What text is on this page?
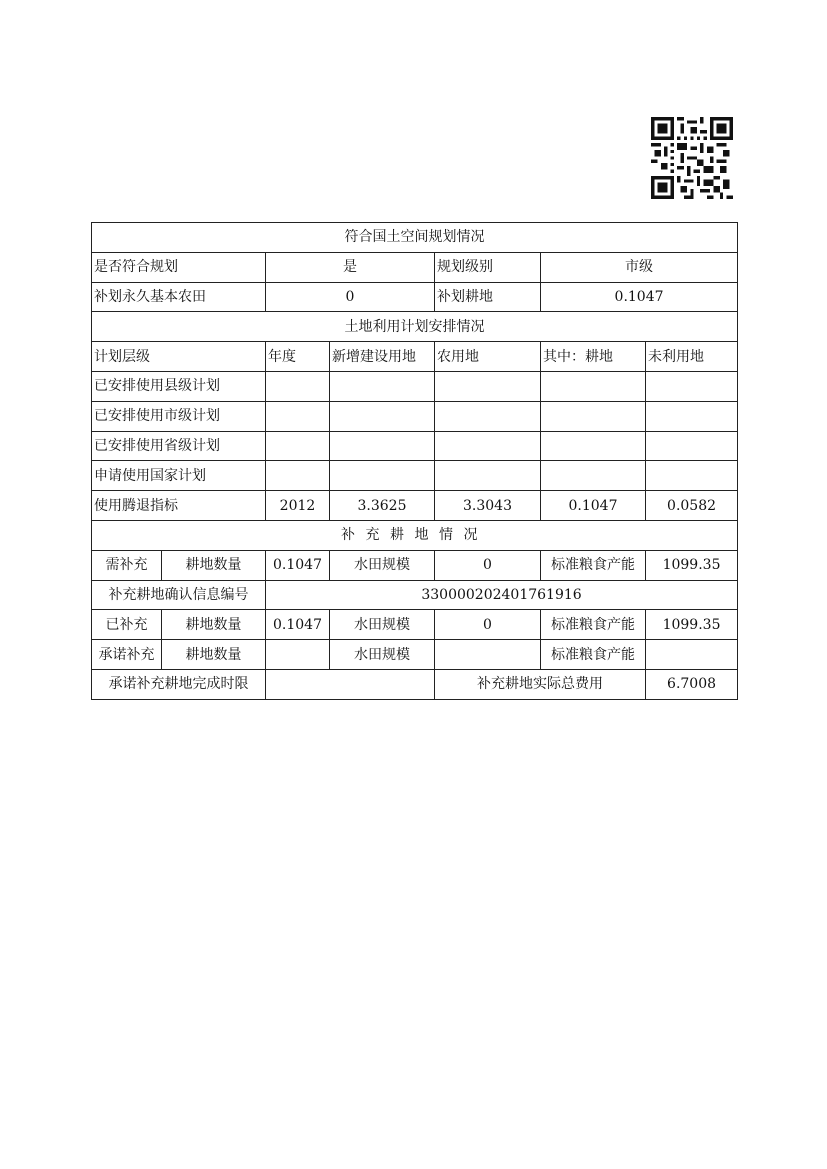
符合国土空间规划情况						
是否符合规划		是		规划级别	市级	
补划永久基本农田		0		补划耕地	0.1047	
土地利用计划安排情况						
计划层级		年度	新增建设用地	农用地	其中：耕地	未利用地
已安排使用县级计划						
已安排使用市级计划						
已安排使用省级计划						
申请使用国家计划						
使用腾退指标		2012	3.3625	3.3043	0.1047	0.0582
补充耕地情况						
需补充	耕地数量	0.1047	水田规模	0	标准粮食产能	1099.35
补充耕地确认信息编号		330000202401761916				
已补充	耕地数量	0.1047	水田规模	0	标准粮食产能	1099.35
承诺补充	耕地数量		水田规模		标准粮食产能	
承诺补充耕地完成时限				补充耕地实际总费用		6.7008
